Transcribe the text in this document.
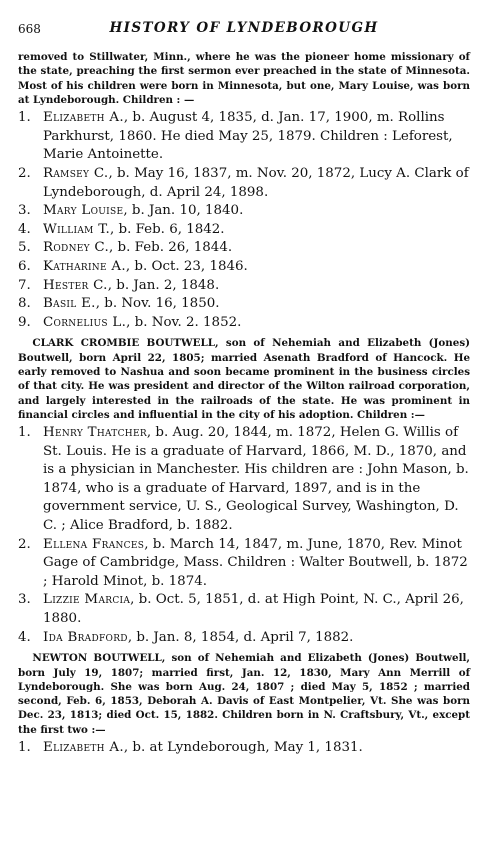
668	HISTORY OF LYNDEBOROUGH

removed to Stillwater, Minn., where he was the pioneer home missionary of the state, preaching the first sermon ever preached in the state of Minnesota. Most of his children were born in Minnesota, but one, Mary Louise, was born at Lyndeborough. Children : —

1. Elizabeth A., b. August 4, 1835, d. Jan. 17, 1900, m. Rollins Parkhurst, 1860. He died May 25, 1879. Children : Leforest, Marie Antoinette.
2. Ramsey C., b. May 16, 1837, m. Nov. 20, 1872, Lucy A. Clark of Lyndeborough, d. April 24, 1898.
3. Mary Louise, b. Jan. 10, 1840.
4. William T., b. Feb. 6, 1842.
5. Rodney C., b. Feb. 26, 1844.
6. Katharine A., b. Oct. 23, 1846.
7. Hester C., b. Jan. 2, 1848.
8. Basil E., b. Nov. 16, 1850.
9. Cornelius L., b. Nov. 2. 1852.

CLARK CROMBIE BOUTWELL, son of Nehemiah and Elizabeth (Jones) Boutwell, born April 22, 1805; married Asenath Bradford of Hancock. He early removed to Nashua and soon became prominent in the business circles of that city. He was president and director of the Wilton railroad corporation, and largely interested in the railroads of the state. He was prominent in financial circles and influential in the city of his adoption. Children :—

1. Henry Thatcher, b. Aug. 20, 1844, m. 1872, Helen G. Willis of St. Louis. He is a graduate of Harvard, 1866, M. D., 1870, and is a physician in Manchester. His children are : John Mason, b. 1874, who is a graduate of Harvard, 1897, and is in the government service, U. S., Geological Survey, Washington, D. C. ; Alice Bradford, b. 1882.
2. Ellena Frances, b. March 14, 1847, m. June, 1870, Rev. Minot Gage of Cambridge, Mass. Children : Walter Boutwell, b. 1872 ; Harold Minot, b. 1874.
3. Lizzie Marcia, b. Oct. 5, 1851, d. at High Point, N. C., April 26, 1880.
4. Ida Bradford, b. Jan. 8, 1854, d. April 7, 1882.

NEWTON BOUTWELL, son of Nehemiah and Elizabeth (Jones) Boutwell, born July 19, 1807; married first, Jan. 12, 1830, Mary Ann Merrill of Lyndeborough. She was born Aug. 24, 1807 ; died May 5, 1852 ; married second, Feb. 6, 1853, Deborah A. Davis of East Montpelier, Vt. She was born Dec. 23, 1813; died Oct. 15, 1882. Children born in N. Craftsbury, Vt., except the first two :—

1. Elizabeth A., b. at Lyndeborough, May 1, 1831.
